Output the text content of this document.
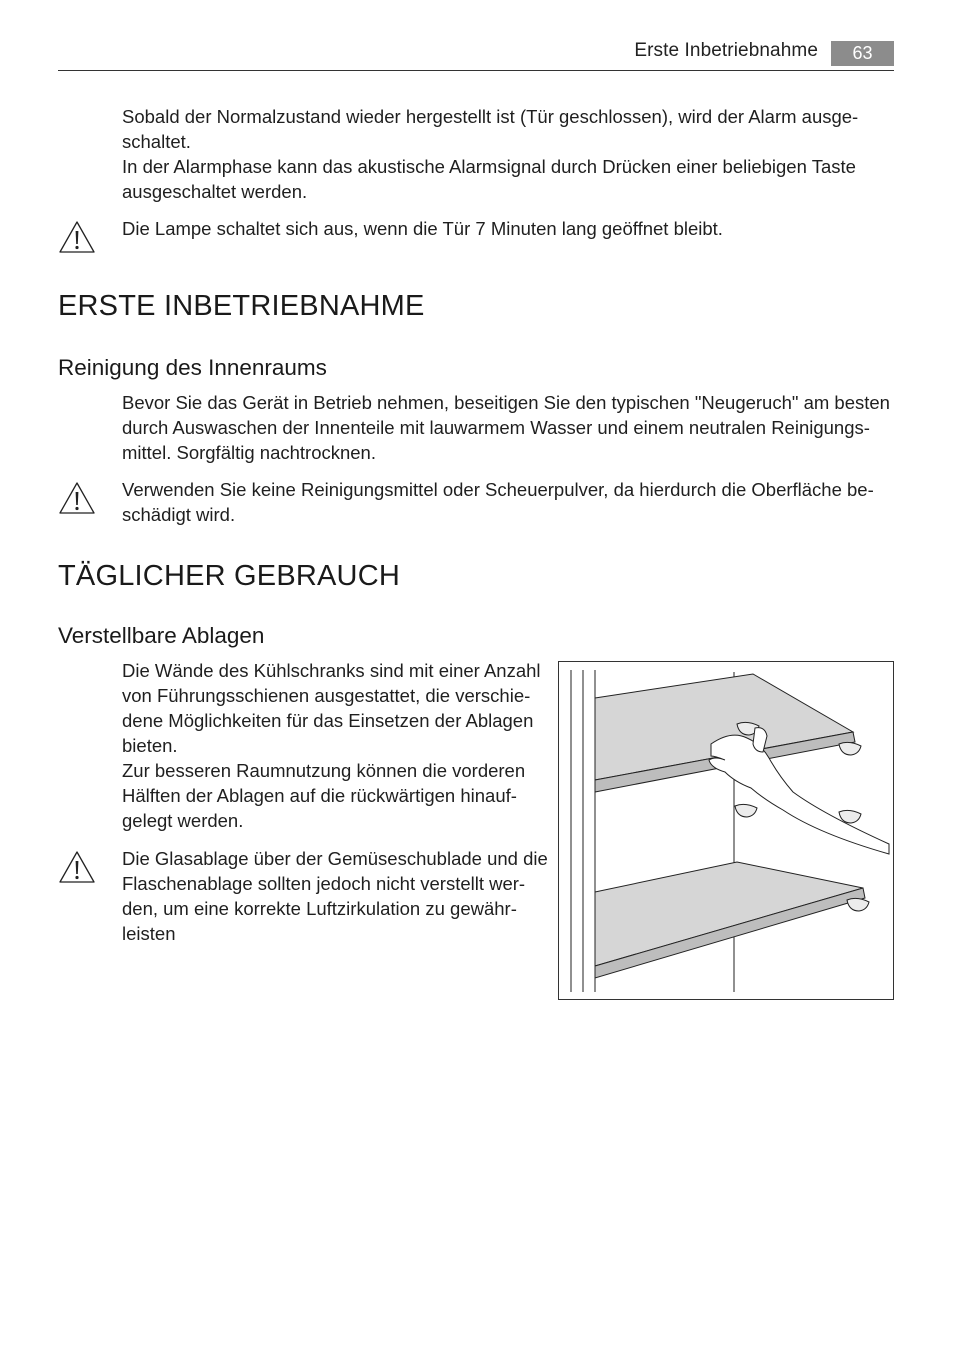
Erste Inbetriebnahme	63

Sobald der Normalzustand wieder hergestellt ist (Tür geschlossen), wird der Alarm ausge-

schaltet.

In der Alarmphase kann das akustische Alarmsignal durch Drücken einer beliebigen Taste

ausgeschaltet werden.

Die Lampe schaltet sich aus, wenn die Tür 7 Minuten lang geöffnet bleibt.

ERSTE INBETRIEBNAHME
Reinigung des Innenraums

Bevor Sie das Gerät in Betrieb nehmen, beseitigen Sie den typischen "Neugeruch" am besten

durch Auswaschen der Innenteile mit lauwarmem Wasser und einem neutralen Reinigungs-

mittel. Sorgfältig nachtrocknen.

Verwenden Sie keine Reinigungsmittel oder Scheuerpulver, da hierdurch die Oberfläche be-

schädigt wird.

TÄGLICHER GEBRAUCH
Verstellbare Ablagen

Die Wände des Kühlschranks sind mit einer Anzahl

von Führungsschienen ausgestattet, die verschie-

dene Möglichkeiten für das Einsetzen der Ablagen

bieten.

Zur besseren Raumnutzung können die vorderen

Hälften der Ablagen auf die rückwärtigen hinauf-

gelegt werden.

Die Glasablage über der Gemüseschublade und die

Flaschenablage sollten jedoch nicht verstellt wer-

den, um eine korrekte Luftzirkulation zu gewähr-

leisten
